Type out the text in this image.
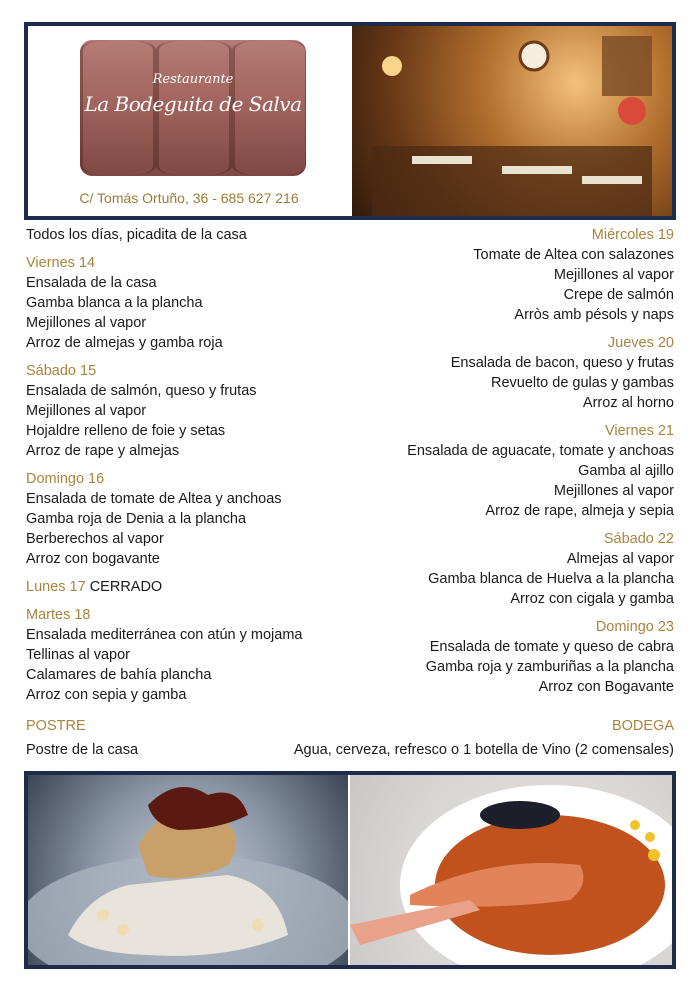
Restaurante
La Bodeguita de Salva
C/ Tomás Ortuño, 36 - 685 627 216
Todos los días, picadita de la casa
Viernes 14
Ensalada de la casa
Gamba blanca a la plancha
Mejillones al vapor
Arroz de almejas y gamba roja
Sábado 15
Ensalada de salmón, queso y frutas
Mejillones al vapor
Hojaldre relleno de foie y setas
Arroz de rape y almejas
Domingo 16
Ensalada de tomate de Altea y anchoas
Gamba roja de Denia a la plancha
Berberechos al vapor
Arroz con bogavante
Lunes 17 CERRADO
Martes 18
Ensalada mediterránea con atún y mojama
Tellinas al vapor
Calamares de bahía plancha
Arroz con sepia y gamba
Miércoles 19
Tomate de Altea con salazones
Mejillones al vapor
Crepe de salmón
Arròs amb pésols y naps
Jueves 20
Ensalada de bacon, queso y frutas
Revuelto de gulas y gambas
Arroz al horno
Viernes 21
Ensalada de aguacate, tomate y anchoas
Gamba al ajillo
Mejillones al vapor
Arroz de rape, almeja y sepia
Sábado 22
Almejas al vapor
Gamba blanca de Huelva a la plancha
Arroz con cigala y gamba
Domingo 23
Ensalada de tomate y queso de cabra
Gamba roja y zamburiñas a la plancha
Arroz con Bogavante
POSTRE
Postre de la casa
BODEGA
Agua, cerveza, refresco o 1 botella de Vino (2 comensales)
